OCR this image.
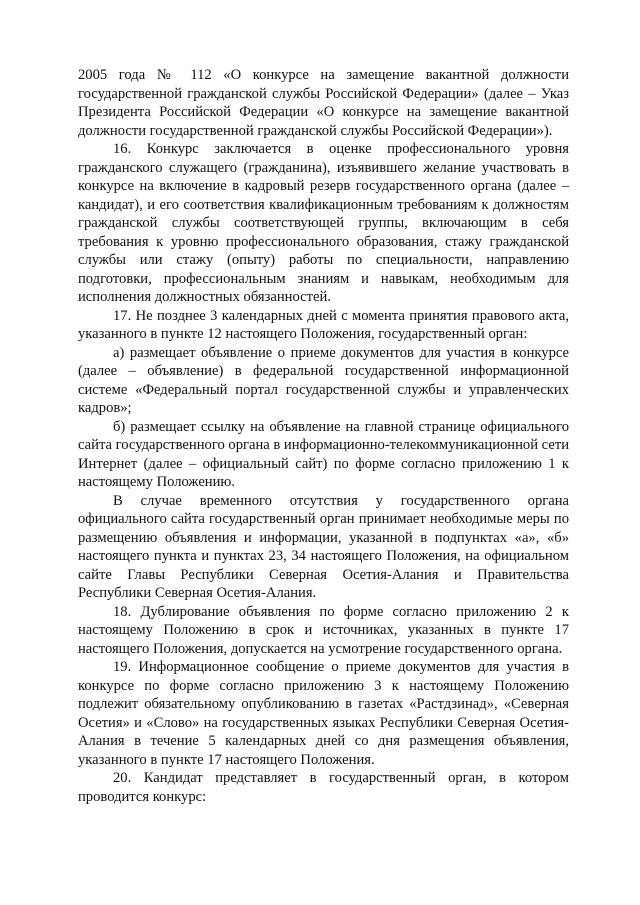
2005 года № 112 «О конкурсе на замещение вакантной должности государственной гражданской службы Российской Федерации» (далее – Указ Президента Российской Федерации «О конкурсе на замещение вакантной должности государственной гражданской службы Российской Федерации»).

16. Конкурс заключается в оценке профессионального уровня гражданского служащего (гражданина), изъявившего желание участвовать в конкурсе на включение в кадровый резерв государственного органа (далее – кандидат), и его соответствия квалификационным требованиям к должностям гражданской службы соответствующей группы, включающим в себя требования к уровню профессионального образования, стажу гражданской службы или стажу (опыту) работы по специальности, направлению подготовки, профессиональным знаниям и навыкам, необходимым для исполнения должностных обязанностей.

17. Не позднее 3 календарных дней с момента принятия правового акта, указанного в пункте 12 настоящего Положения, государственный орган:

а) размещает объявление о приеме документов для участия в конкурсе (далее – объявление) в федеральной государственной информационной системе «Федеральный портал государственной службы и управленческих кадров»;

б) размещает ссылку на объявление на главной странице официального сайта государственного органа в информационно-телекоммуникационной сети Интернет (далее – официальный сайт) по форме согласно приложению 1 к настоящему Положению.

В случае временного отсутствия у государственного органа официального сайта государственный орган принимает необходимые меры по размещению объявления и информации, указанной в подпунктах «а», «б» настоящего пункта и пунктах 23, 34 настоящего Положения, на официальном сайте Главы Республики Северная Осетия-Алания и Правительства Республики Северная Осетия-Алания.

18. Дублирование объявления по форме согласно приложению 2 к настоящему Положению в срок и источниках, указанных в пункте 17 настоящего Положения, допускается на усмотрение государственного органа.

19. Информационное сообщение о приеме документов для участия в конкурсе по форме согласно приложению 3 к настоящему Положению подлежит обязательному опубликованию в газетах «Растдзинад», «Северная Осетия» и «Слово» на государственных языках Республики Северная Осетия-Алания в течение 5 календарных дней со дня размещения объявления, указанного в пункте 17 настоящего Положения.

20. Кандидат представляет в государственный орган, в котором проводится конкурс:
